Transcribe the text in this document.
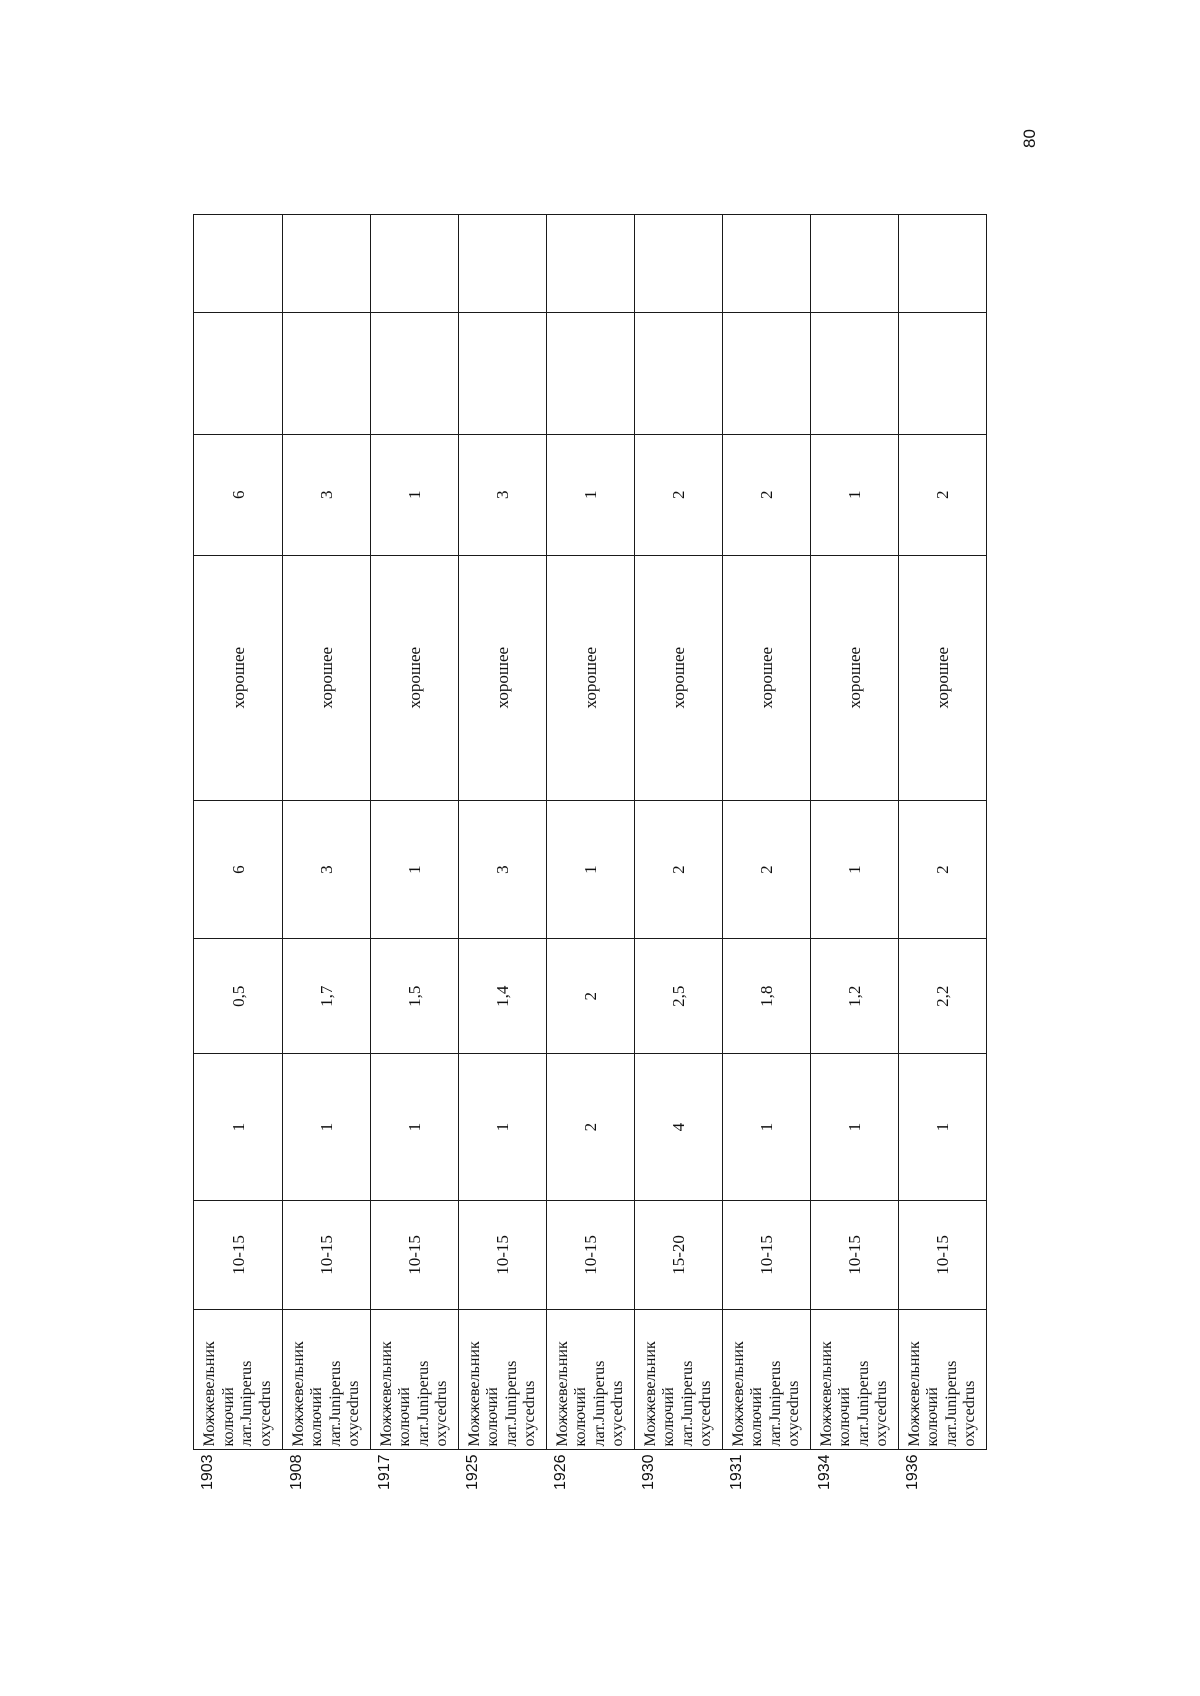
80
1903	Можжевельник колючий лат.Juniperus oxycedrus	10-15	1	0,5	6	хорошее	6		
1908	Можжевельник колючий лат.Juniperus oxycedrus	10-15	1	1,7	3	хорошее	3		
1917	Можжевельник колючий лат.Juniperus oxycedrus	10-15	1	1,5	1	хорошее	1		
1925	Можжевельник колючий лат.Juniperus oxycedrus	10-15	1	1,4	3	хорошее	3		
1926	Можжевельник колючий лат.Juniperus oxycedrus	10-15	2	2	1	хорошее	1		
1930	Можжевельник колючий лат.Juniperus oxycedrus	15-20	4	2,5	2	хорошее	2		
1931	Можжевельник колючий лат.Juniperus oxycedrus	10-15	1	1,8	2	хорошее	2		
1934	Можжевельник колючий лат.Juniperus oxycedrus	10-15	1	1,2	1	хорошее	1		
1936	Можжевельник колючий лат.Juniperus oxycedrus	10-15	1	2,2	2	хорошее	2		
